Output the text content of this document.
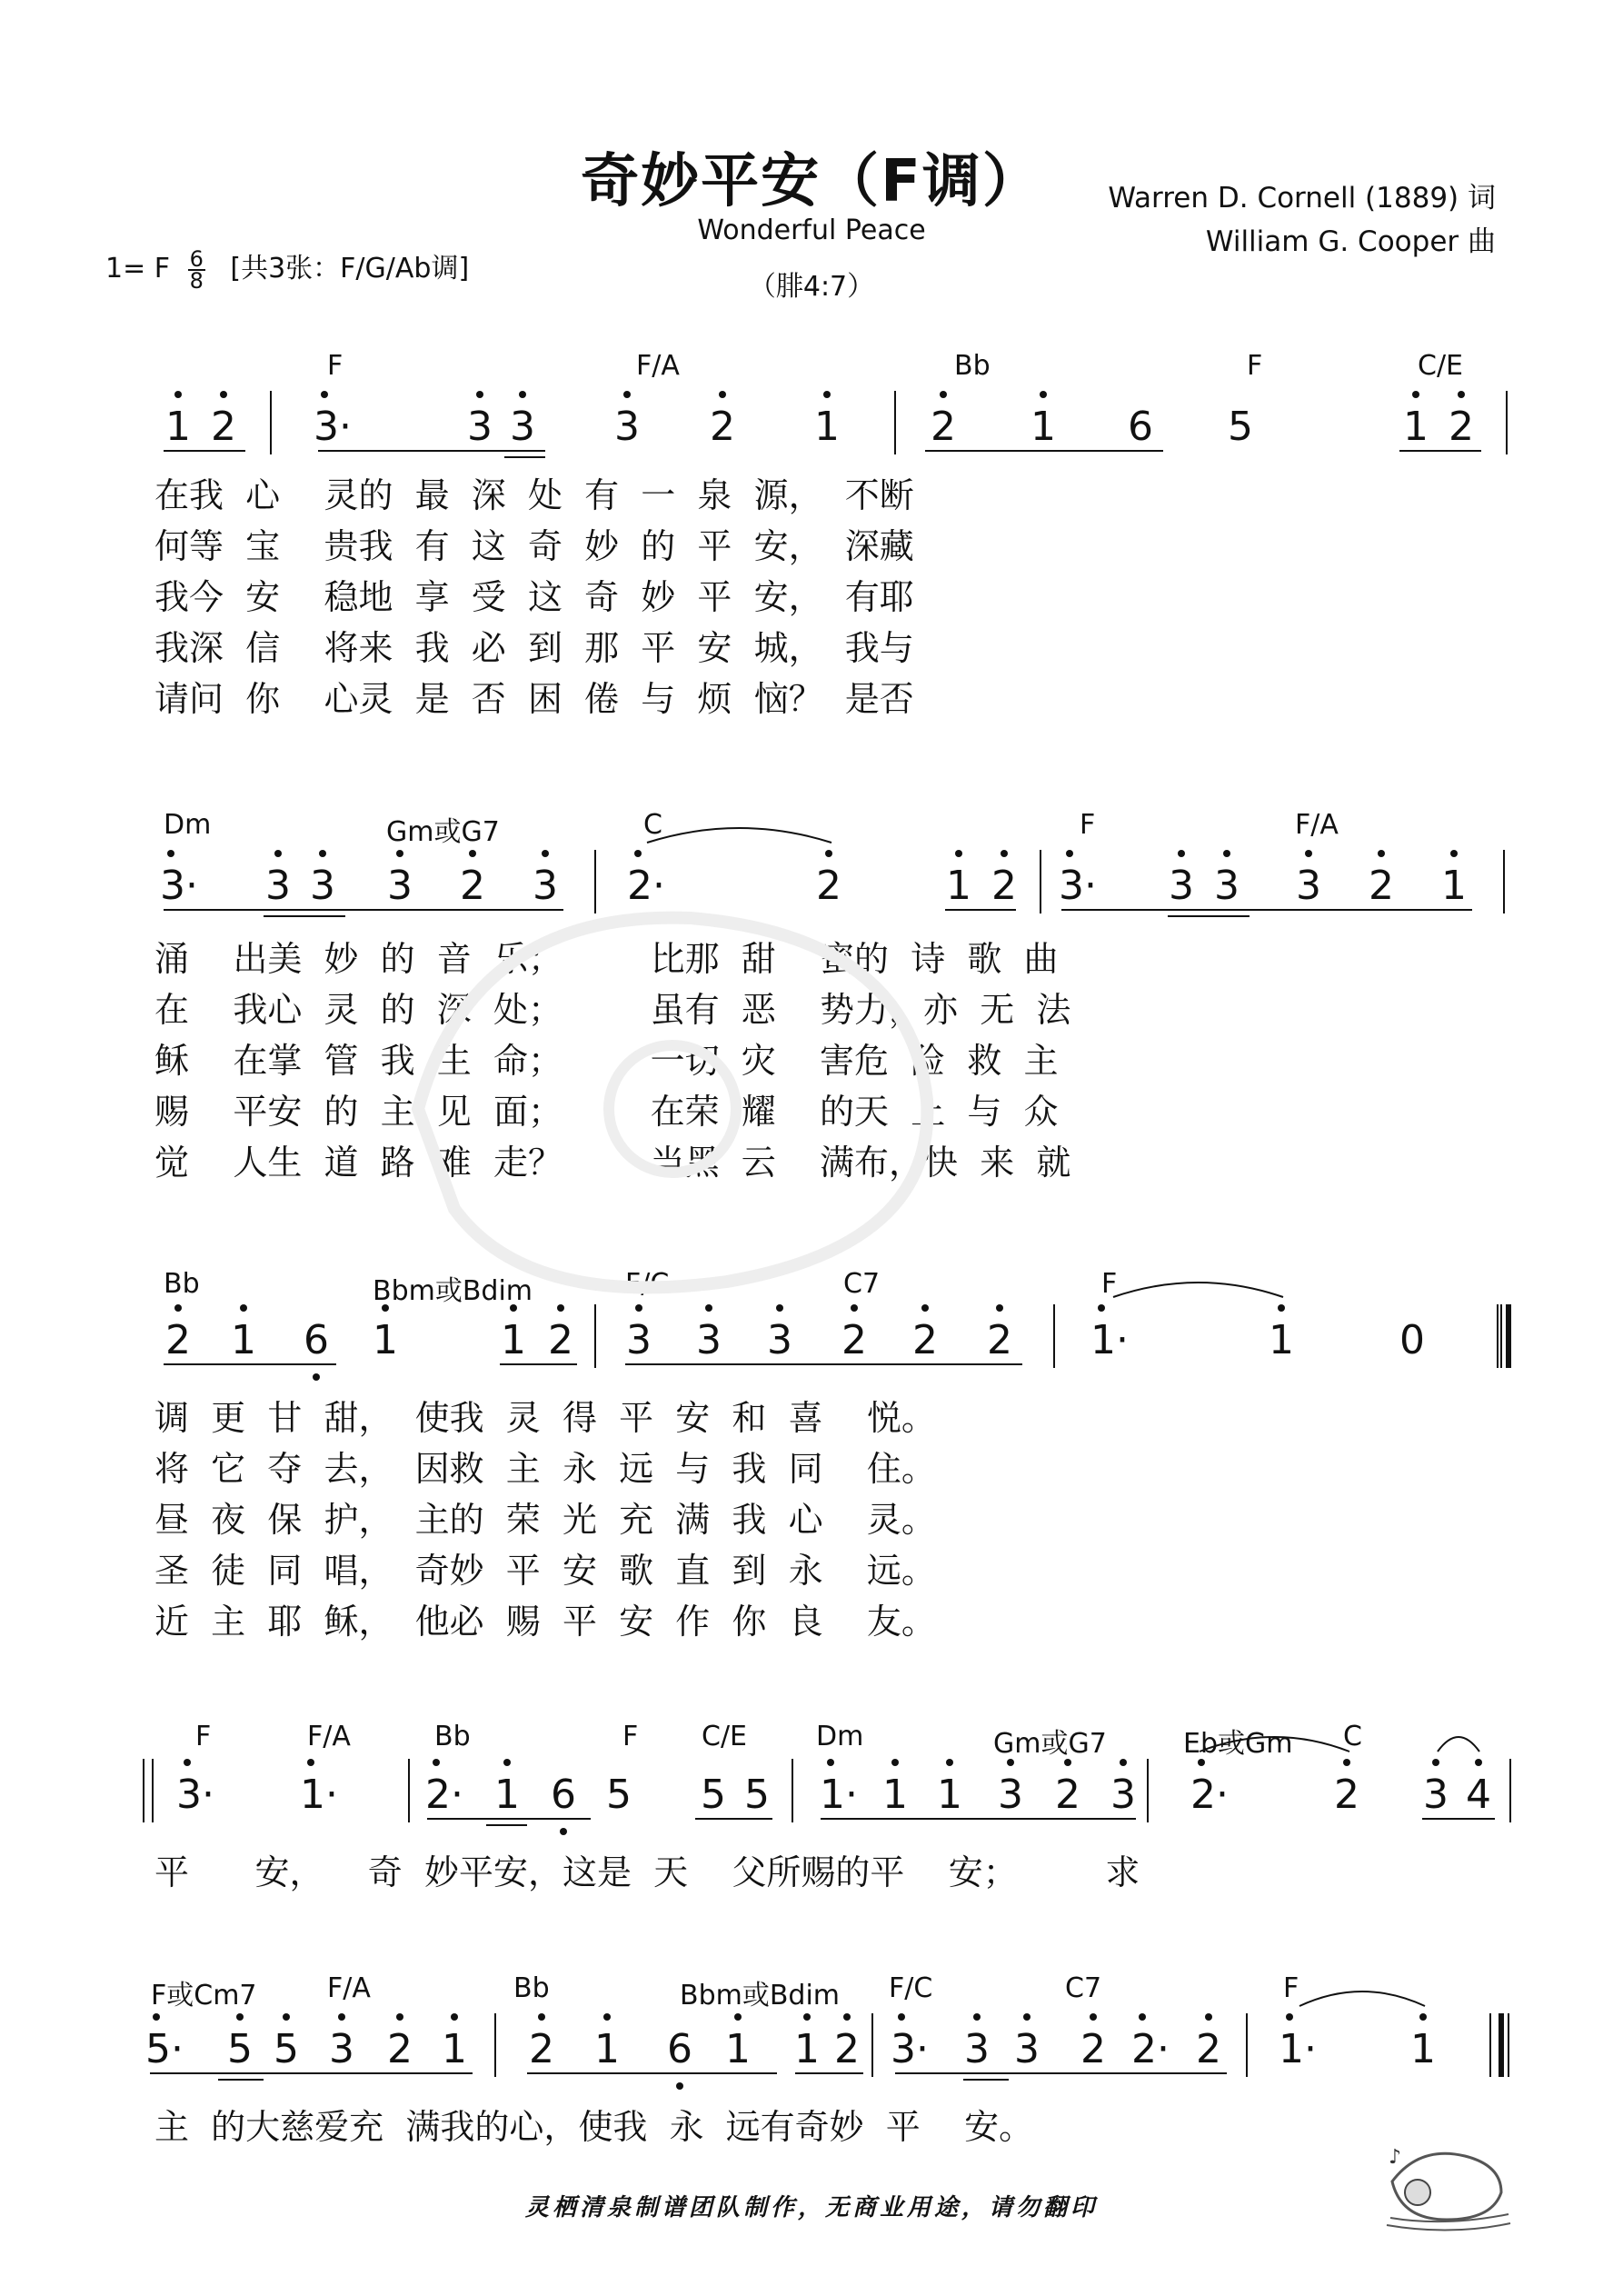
奇妙平安（F调）
Wonderful Peace
（腓4:7）
Warren D. Cornell (1889) 词
William G. Cooper 曲
1= F $\frac{6}{8}$ [共3张：F/G/Ab调]
F	F/A	Bb	F	C/E
1 2 3·	3 3 3 2 1 2 1 6 5	1 2
在我  心    灵的  最  深  处  有  一  泉  源，  不断
何等  宝    贵我  有  这  奇  妙  的  平  安，  深藏
我今  安    稳地  享  受  这  奇  妙  平  安，  有耶
我深  信    将来  我  必  到  那  平  安  城，  我与
请问  你    心灵  是  否  困  倦  与  烦  恼？  是否
Dm	Gm或G7	C	F	F/A
3· 3 3 3 2 3 2·	2	1 2 3· 3 3 3 2 1
涌    出美  妙  的  音  乐；        比那  甜    蜜的  诗  歌  曲
在    我心  灵  的  深  处；        虽有  恶    势力，亦  无  法
稣    在掌  管  我  生  命；        一切  灾    害危  险  救  主
赐    平安  的  主  见  面；        在荣  耀    的天  上  与  众
觉    人生  道  路  难  走？        当黑  云    满布，快  来  就
Bb	Bbm或Bdim	F/C	C7	F
2 1 6 1	1 2 3 3 3 2 2 2 1·	1	0
调  更  甘  甜，  使我  灵  得  平  安  和  喜    悦。
将  它  夺  去，  因救  主  永  远  与  我  同    住。
昼  夜  保  护，  主的  荣  光  充  满  我  心    灵。
圣  徒  同  唱，  奇妙  平  安  歌  直  到  永    远。
近  主  耶  稣，  他必  赐  平  安  作  你  良    友。
F	F/A	Bb	F C/E	Dm	Gm或G7	Eb或Gm C
3· 1· 2· 1 6 5 5 5 1· 1 1 3 2 3 2·	2 3 4
平      安，    奇  妙平安，这是  天    父所赐的平    安；        求
F或Cm7	F/A	Bb	Bbm或Bdim F/C	C7	F
5· 5 5 3 2 1 2 1 6 1 1 2 3· 3 3 2 2· 2 1· 1
主  的大慈爱充  满我的心，使我  永  远有奇妙  平    安。
灵栖清泉制谱团队制作，无商业用途，请勿翻印
♪
